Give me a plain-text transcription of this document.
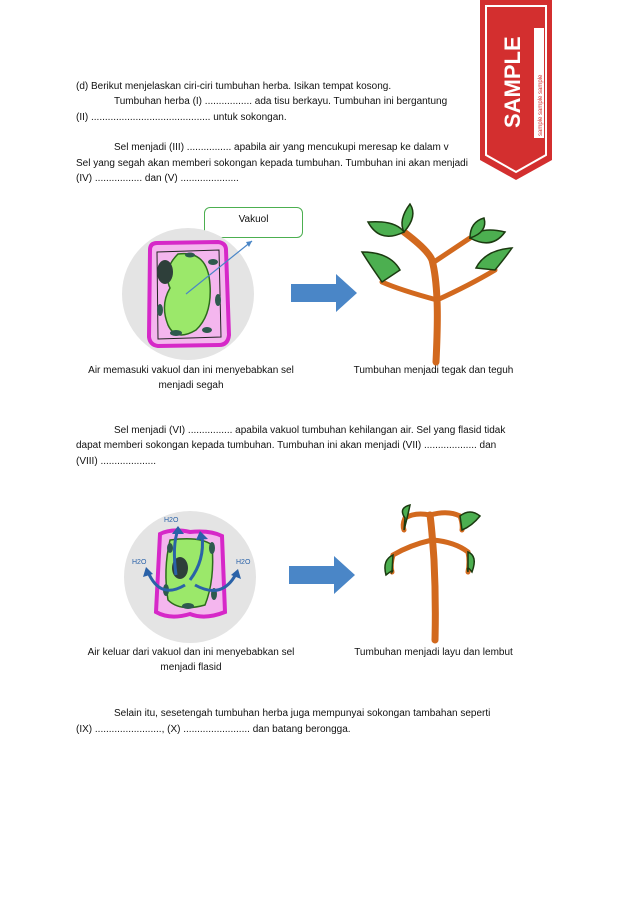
(d) Berikut menjelaskan ciri-ciri tumbuhan herba. Isikan tempat kosong.
Tumbuhan herba (I) ................. ada tisu berkayu. Tumbuhan ini bergantung
(II) ........................................... untuk sokongan.
Sel menjadi (III) ................ apabila air yang mencukupi meresap ke dalam v
Sel yang segah akan memberi sokongan kepada tumbuhan. Tumbuhan ini akan menjadi
(IV) ................. dan (V) .....................
Vakuol
Air memasuki vakuol dan ini menyebabkan sel
menjadi segah
Tumbuhan menjadi tegak dan teguh
Sel menjadi (VI) ................ apabila vakuol tumbuhan kehilangan air. Sel yang flasid tidak
dapat memberi sokongan kepada tumbuhan. Tumbuhan ini akan menjadi (VII) ................... dan
(VIII) ....................
H2O
H2O	H2O
Air keluar dari vakuol dan ini menyebabkan sel
menjadi flasid
Tumbuhan menjadi layu dan lembut
Selain itu, sesetengah tumbuhan herba juga mempunyai sokongan tambahan seperti
(IX) ........................, (X) ........................ dan batang berongga.
SAMPLE sample sample sample
